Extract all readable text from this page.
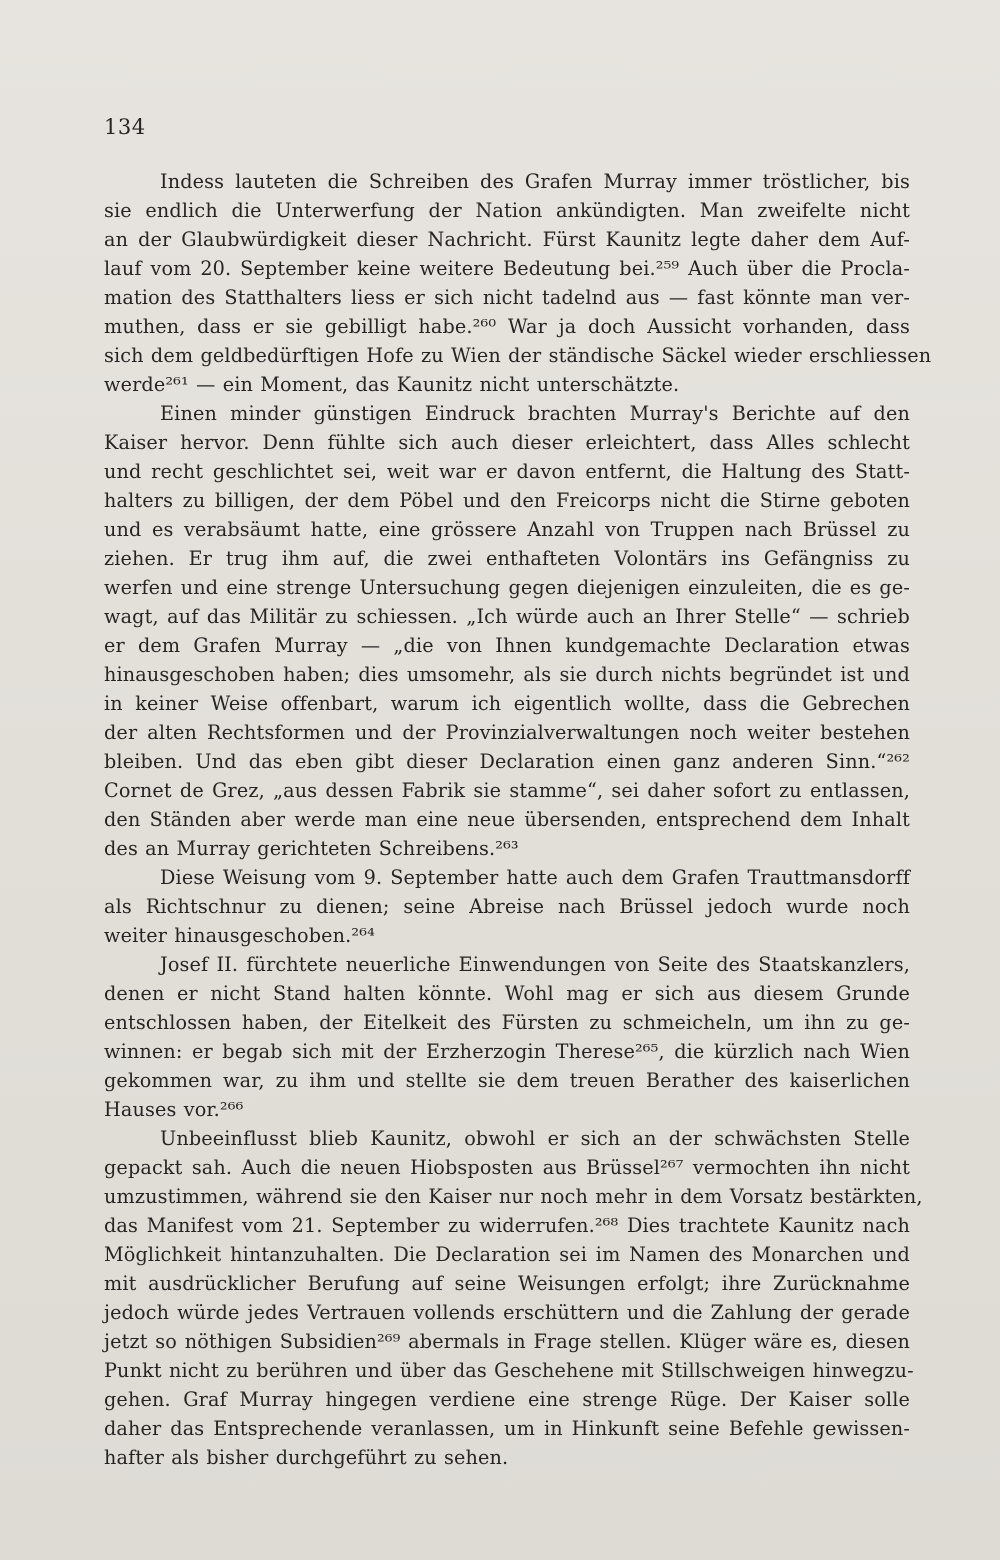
134
Indess lauteten die Schreiben des Grafen Murray immer tröstlicher, bis
sie endlich die Unterwerfung der Nation ankündigten. Man zweifelte nicht
an der Glaubwürdigkeit dieser Nachricht. Fürst Kaunitz legte daher dem Auf-
lauf vom 20. September keine weitere Bedeutung bei.²⁵⁹ Auch über die Procla-
mation des Statthalters liess er sich nicht tadelnd aus — fast könnte man ver-
muthen, dass er sie gebilligt habe.²⁶⁰ War ja doch Aussicht vorhanden, dass
sich dem geldbedürftigen Hofe zu Wien der ständische Säckel wieder erschliessen
werde²⁶¹ — ein Moment, das Kaunitz nicht unterschätzte.
Einen minder günstigen Eindruck brachten Murray's Berichte auf den
Kaiser hervor. Denn fühlte sich auch dieser erleichtert, dass Alles schlecht
und recht geschlichtet sei, weit war er davon entfernt, die Haltung des Statt-
halters zu billigen, der dem Pöbel und den Freicorps nicht die Stirne geboten
und es verabsäumt hatte, eine grössere Anzahl von Truppen nach Brüssel zu
ziehen. Er trug ihm auf, die zwei enthafteten Volontärs ins Gefängniss zu
werfen und eine strenge Untersuchung gegen diejenigen einzuleiten, die es ge-
wagt, auf das Militär zu schiessen. „Ich würde auch an Ihrer Stelle“ — schrieb
er dem Grafen Murray — „die von Ihnen kundgemachte Declaration etwas
hinausgeschoben haben; dies umsomehr, als sie durch nichts begründet ist und
in keiner Weise offenbart, warum ich eigentlich wollte, dass die Gebrechen
der alten Rechtsformen und der Provinzialverwaltungen noch weiter bestehen
bleiben. Und das eben gibt dieser Declaration einen ganz anderen Sinn.“²⁶²
Cornet de Grez, „aus dessen Fabrik sie stamme“, sei daher sofort zu entlassen,
den Ständen aber werde man eine neue übersenden, entsprechend dem Inhalt
des an Murray gerichteten Schreibens.²⁶³
Diese Weisung vom 9. September hatte auch dem Grafen Trauttmansdorff
als Richtschnur zu dienen; seine Abreise nach Brüssel jedoch wurde noch
weiter hinausgeschoben.²⁶⁴
Josef II. fürchtete neuerliche Einwendungen von Seite des Staatskanzlers,
denen er nicht Stand halten könnte. Wohl mag er sich aus diesem Grunde
entschlossen haben, der Eitelkeit des Fürsten zu schmeicheln, um ihn zu ge-
winnen: er begab sich mit der Erzherzogin Therese²⁶⁵, die kürzlich nach Wien
gekommen war, zu ihm und stellte sie dem treuen Berather des kaiserlichen
Hauses vor.²⁶⁶
Unbeeinflusst blieb Kaunitz, obwohl er sich an der schwächsten Stelle
gepackt sah. Auch die neuen Hiobsposten aus Brüssel²⁶⁷ vermochten ihn nicht
umzustimmen, während sie den Kaiser nur noch mehr in dem Vorsatz bestärkten,
das Manifest vom 21. September zu widerrufen.²⁶⁸ Dies trachtete Kaunitz nach
Möglichkeit hintanzuhalten. Die Declaration sei im Namen des Monarchen und
mit ausdrücklicher Berufung auf seine Weisungen erfolgt; ihre Zurücknahme
jedoch würde jedes Vertrauen vollends erschüttern und die Zahlung der gerade
jetzt so nöthigen Subsidien²⁶⁹ abermals in Frage stellen. Klüger wäre es, diesen
Punkt nicht zu berühren und über das Geschehene mit Stillschweigen hinwegzu-
gehen. Graf Murray hingegen verdiene eine strenge Rüge. Der Kaiser solle
daher das Entsprechende veranlassen, um in Hinkunft seine Befehle gewissen-
hafter als bisher durchgeführt zu sehen.
